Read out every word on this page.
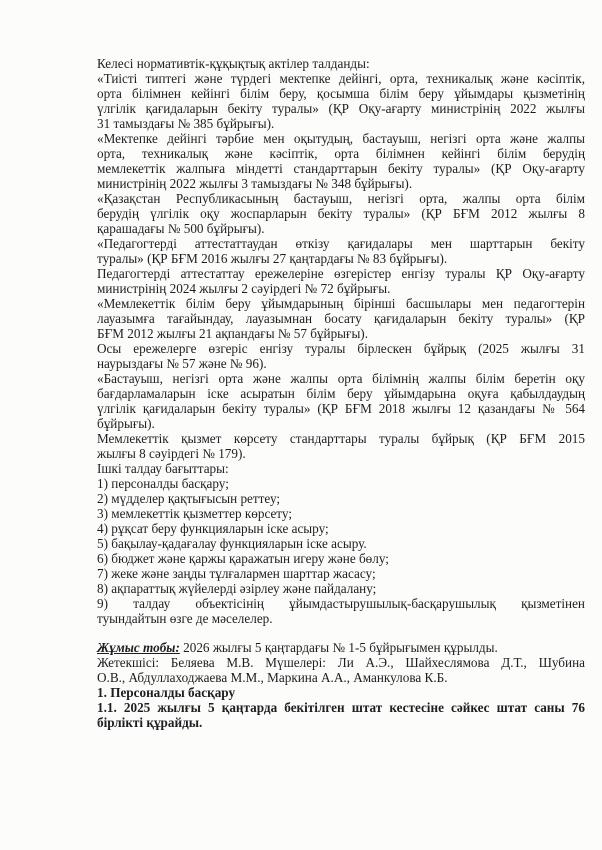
Келесі нормативтік-құқықтық актілер талданды:
«Тиісті типтегі және түрдегі мектепке дейінгі, орта, техникалық және кәсіптік,
орта білімнен кейінгі білім беру, қосымша білім беру ұйымдары қызметінің
үлгілік қағидаларын бекіту туралы» (ҚР Оқу-ағарту министрінің 2022 жылғы
31 тамыздағы № 385 бұйрығы).
«Мектепке дейінгі тәрбие мен оқытудың, бастауыш, негізгі орта және жалпы
орта, техникалық және кәсіптік, орта білімнен кейінгі білім берудің
мемлекеттік жалпыға міндетті стандарттарын бекіту туралы» (ҚР Оқу-ағарту
министрінің 2022 жылғы 3 тамыздағы № 348 бұйрығы).
«Қазақстан Республикасының бастауыш, негізгі орта, жалпы орта білім
берудің үлгілік оқу жоспарларын бекіту туралы» (ҚР БҒМ 2012 жылғы 8
қарашадағы № 500 бұйрығы).
«Педагогтерді аттестаттаудан өткізу қағидалары мен шарттарын бекіту
туралы» (ҚР БҒМ 2016 жылғы 27 қаңтардағы № 83 бұйрығы).
Педагогтерді аттестаттау ережелеріне өзгерістер енгізу туралы ҚР Оқу-ағарту
министрінің 2024 жылғы 2 сәуірдегі № 72 бұйрығы.
«Мемлекеттік білім беру ұйымдарының бірінші басшылары мен педагогтерін
лауазымға тағайындау, лауазымнан босату қағидаларын бекіту туралы» (ҚР
БҒМ 2012 жылғы 21 ақпандағы № 57 бұйрығы).
Осы ережелерге өзгеріс енгізу туралы бірлескен бұйрық (2025 жылғы 31
наурыздағы № 57 және № 96).
«Бастауыш, негізгі орта және жалпы орта білімнің жалпы білім беретін оқу
бағдарламаларын іске асыратын білім беру ұйымдарына оқуға қабылдаудың
үлгілік қағидаларын бекіту туралы» (ҚР БҒМ 2018 жылғы 12 қазандағы № 564
бұйрығы).
Мемлекеттік қызмет көрсету стандарттары туралы бұйрық (ҚР БҒМ 2015
жылғы 8 сәуірдегі № 179).
Ішкі талдау бағыттары:
1) персоналды басқару;
2) мүдделер қақтығысын реттеу;
3) мемлекеттік қызметтер көрсету;
4) рұқсат беру функцияларын іске асыру;
5) бақылау-қадағалау функцияларын іске асыру.
6) бюджет және қаржы қаражатын игеру және бөлу;
7) жеке және заңды тұлғалармен шарттар жасасу;
8) ақпараттық жүйелерді әзірлеу және пайдалану;
9) талдау объектісінің ұйымдастырушылық-басқарушылық қызметінен
туындайтын өзге де мәселелер.
Жұмыс тобы: 2026 жылғы 5 қаңтардағы № 1-5 бұйрығымен құрылды.
Жетекшісі: Беляева М.В. Мүшелері: Ли А.Э., Шайхеслямова Д.Т., Шубина
О.В., Абдуллаходжаева М.М., Маркина А.А., Аманкулова К.Б.
1. Персоналды басқару
1.1. 2025 жылғы 5 қаңтарда бекітілген штат кестесіне сәйкес штат саны 76
бірлікті құрайды.
